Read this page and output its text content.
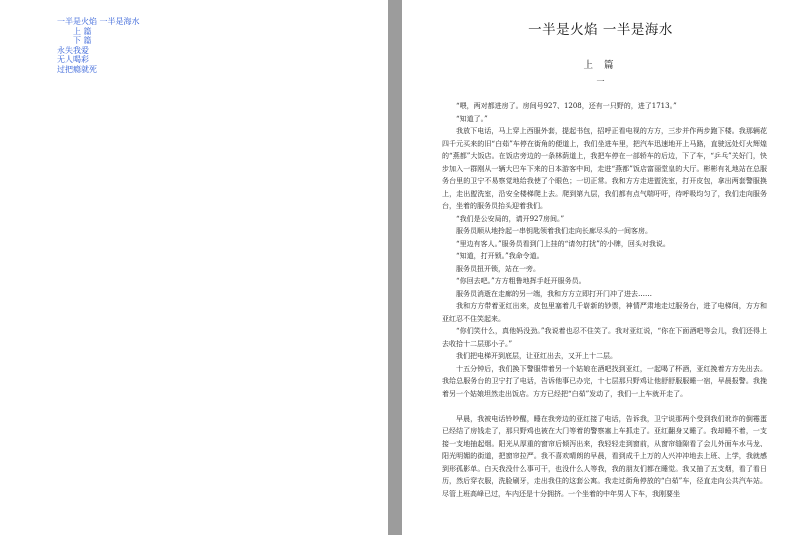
一半是火焰 一半是海水
上 篇
下 篇
永失我爱
无人喝彩
过把瘾就死
一半是火焰 一半是海水
上 篇
一

“喂，两对都进房了。房间号927、1208，还有一只野的，进了1713。”

“知道了。”

我放下电话，马上穿上西服外套，提起书包，招呼正看电视的方方，三步并作两步跑下楼。我那辆花四千元买来的旧“白茹”车停在街角的便道上，我们坐进车里，把汽车迅速地开上马路，直驶远处灯火辉煌的“燕都”大饭店。在饭店旁边的一条林荫道上，我把车停在一部轿车的后边，下了车，“乒乓”关好门，快步加入一群刚从一辆大巴车下来的日本游客中间，走进“燕都”饭店富丽堂皇的大厅。彬彬有礼地站在总服务台里的卫宁不易察觉地给我使了个眼色；一切正常。我和方方走进盥洗室，打开皮包，拿出两套警服换上，走出盥洗室，沿安全楼梯爬上去。爬到第九层，我们都有点气喘吁吁，待呼吸均匀了，我们走向服务台，坐着的服务员抬头迎着我们。

“我们是公安局的，请开927房间。”

服务员顺从地拎起一串钥匙领着我们走向长廊尽头的一间客房。

“里边有客人。”服务员看到门上挂的“请勿打扰”的小牌，回头对我说。

“知道，打开锁。”我命令道。

服务员扭开锁，站在一旁。

“你回去吧。”方方粗鲁地挥手赶开服务员。

服务员消逝在走廊的另一端，我和方方立即打开门冲了进去……

我和方方带着亚红出来，皮包里塞着几千崭新的钞票，神情严肃地走过服务台，进了电梯间，方方和亚红忍不住笑起来。

“你们笑什么，真他妈没劲。”我说着也忍不住笑了。我对亚红说，“你在下面酒吧等会儿，我们还得上去收拾十二层那小子。”

我们把电梯开到底层，让亚红出去，又开上十二层。

十五分钟后，我们换下警服带着另一个姑娘在酒吧找到亚红，一起喝了杯酒，亚红挽着方方先出去。我给总服务台的卫宁打了电话，告诉他事已办完，十七层那只野鸡让他舒舒服服睡一宿，早晨报警。我挽着另一个姑娘坦然走出饭店。方方已经把“白茹”发动了，我们一上车就开走了。

早晨，我被电话铃吵醒，睡在我旁边的亚红接了电话，告诉我，卫宁说那两个受到我们讹诈的倒霉蛋已经结了房钱走了，那只野鸡也被在大门等着的警察塞上车抓走了。亚红翻身又睡了。我却睡不着，一支接一支地抽起烟。阳光从厚重的窗帘后倾泻出来，我轻轻走到窗前，从窗帘缝隙看了会儿外面车水马龙、阳光明媚的街道，把窗帘拉严。我不喜欢晴朗的早晨，看到成千上万的人兴冲冲地去上班、上学，我就感到形孤影单。白天我没什么事可干，也没什么人等我，我的朋友们都在睡觉。我又抽了五支烟，看了看日历，然后穿衣服，洗脸刷牙，走出我住的这套公寓。我走过街角停放的“白茹”车，径直走向公共汽车站。尽管上班高峰已过，车内还是十分拥挤。一个坐着的中年男人下车，我刚要坐
